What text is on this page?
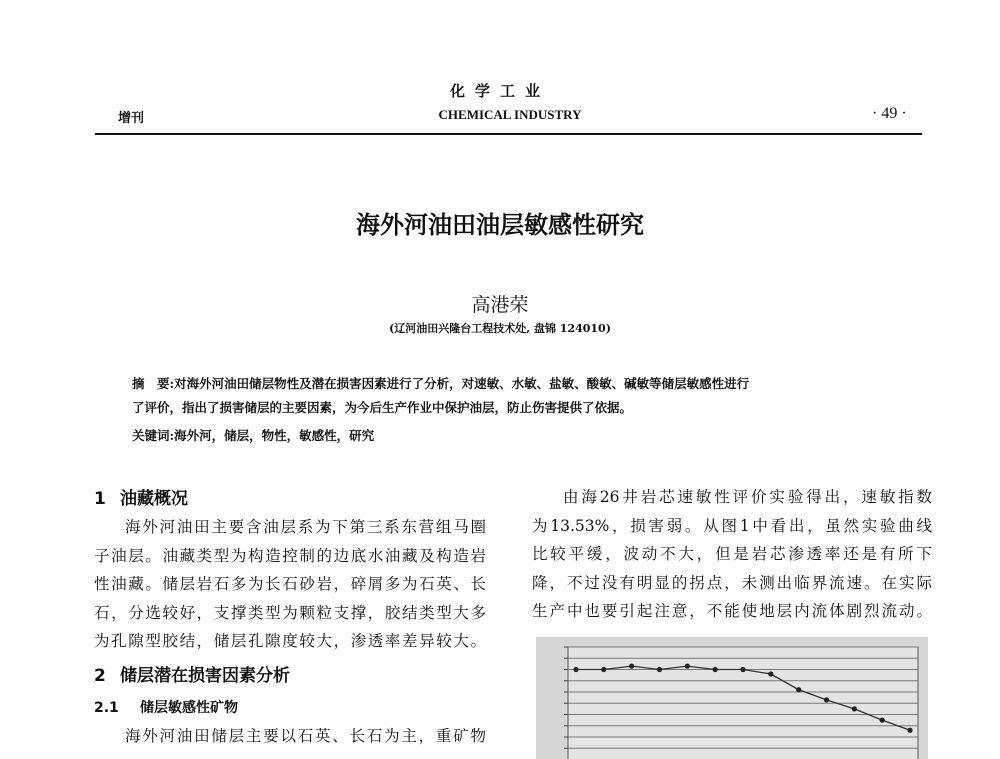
化学工业
增刊	CHEMICAL INDUSTRY	· 49 ·
海外河油田油层敏感性研究
高港荣
(辽河油田兴隆台工程技术处, 盘锦 124010)
摘　要:对海外河油田储层物性及潜在损害因素进行了分析，对速敏、水敏、盐敏、酸敏、碱敏等储层敏感性进行
了评价，指出了损害储层的主要因素，为今后生产作业中保护油层，防止伤害提供了依据。
关键词:海外河，储层，物性，敏感性，研究
1 油藏概况
海外河油田主要含油层系为下第三系东营组马圈
子油层。油藏类型为构造控制的边底水油藏及构造岩
性油藏。储层岩石多为长石砂岩，碎屑多为石英、长
石，分选较好，支撑类型为颗粒支撑，胶结类型大多
为孔隙型胶结，储层孔隙度较大，渗透率差异较大。
2 储层潜在损害因素分析
2.1 储层敏感性矿物
海外河油田储层主要以石英、长石为主，重矿物
由海26井岩芯速敏性评价实验得出，速敏指数
为13.53%，损害弱。从图1中看出，虽然实验曲线
比较平缓，波动不大，但是岩芯渗透率还是有所下
降，不过没有明显的拐点，未测出临界流速。在实际
生产中也要引起注意，不能使地层内流体剧烈流动。
